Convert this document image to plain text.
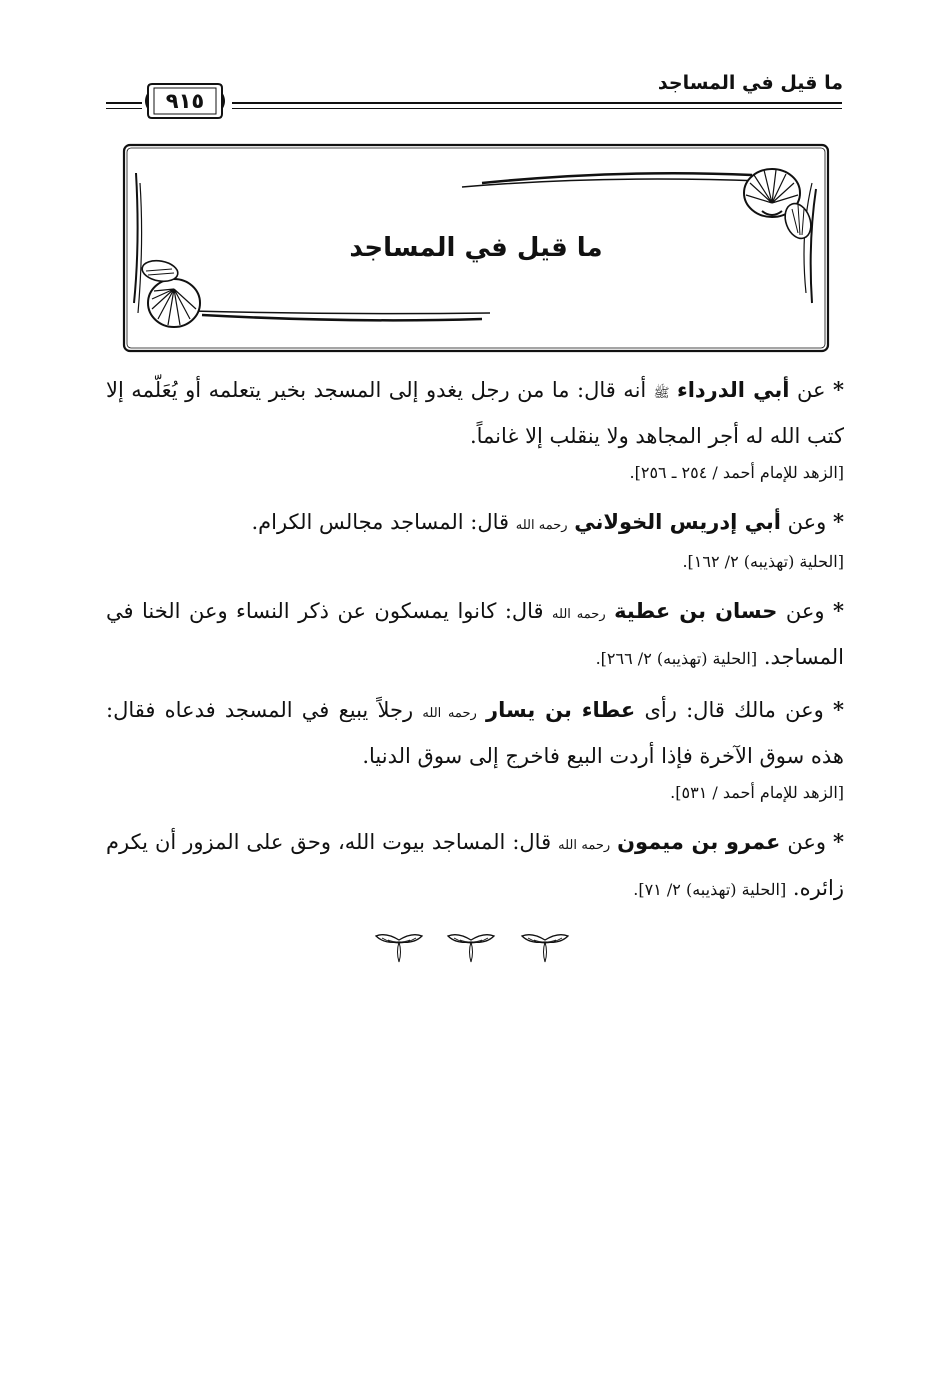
ما قيل في المساجد
٩١٥
ما قيل في المساجد

* عن أبي الدرداء ﷺ أنه قال: ما من رجل يغدو إلى المسجد بخير يتعلمه أو يُعَلّمه إلا كتب الله له أجر المجاهد ولا ينقلب إلا غانماً.

[الزهد للإمام أحمد / ٢٥٤ ـ ٢٥٦].

* وعن أبي إدريس الخولاني رحمه الله قال: المساجد مجالس الكرام.

[الحلية (تهذيبه) ٢/ ١٦٢].

* وعن حسان بن عطية رحمه الله قال: كانوا يمسكون عن ذكر النساء وعن الخنا في المساجد. [الحلية (تهذيبه) ٢/ ٢٦٦].

* وعن مالك قال: رأى عطاء بن يسار رحمه الله رجلاً يبيع في المسجد فدعاه فقال: هذه سوق الآخرة فإذا أردت البيع فاخرج إلى سوق الدنيا.

[الزهد للإمام أحمد / ٥٣١].

* وعن عمرو بن ميمون رحمه الله قال: المساجد بيوت الله، وحق على المزور أن يكرم زائره. [الحلية (تهذيبه) ٢/ ٧١].
